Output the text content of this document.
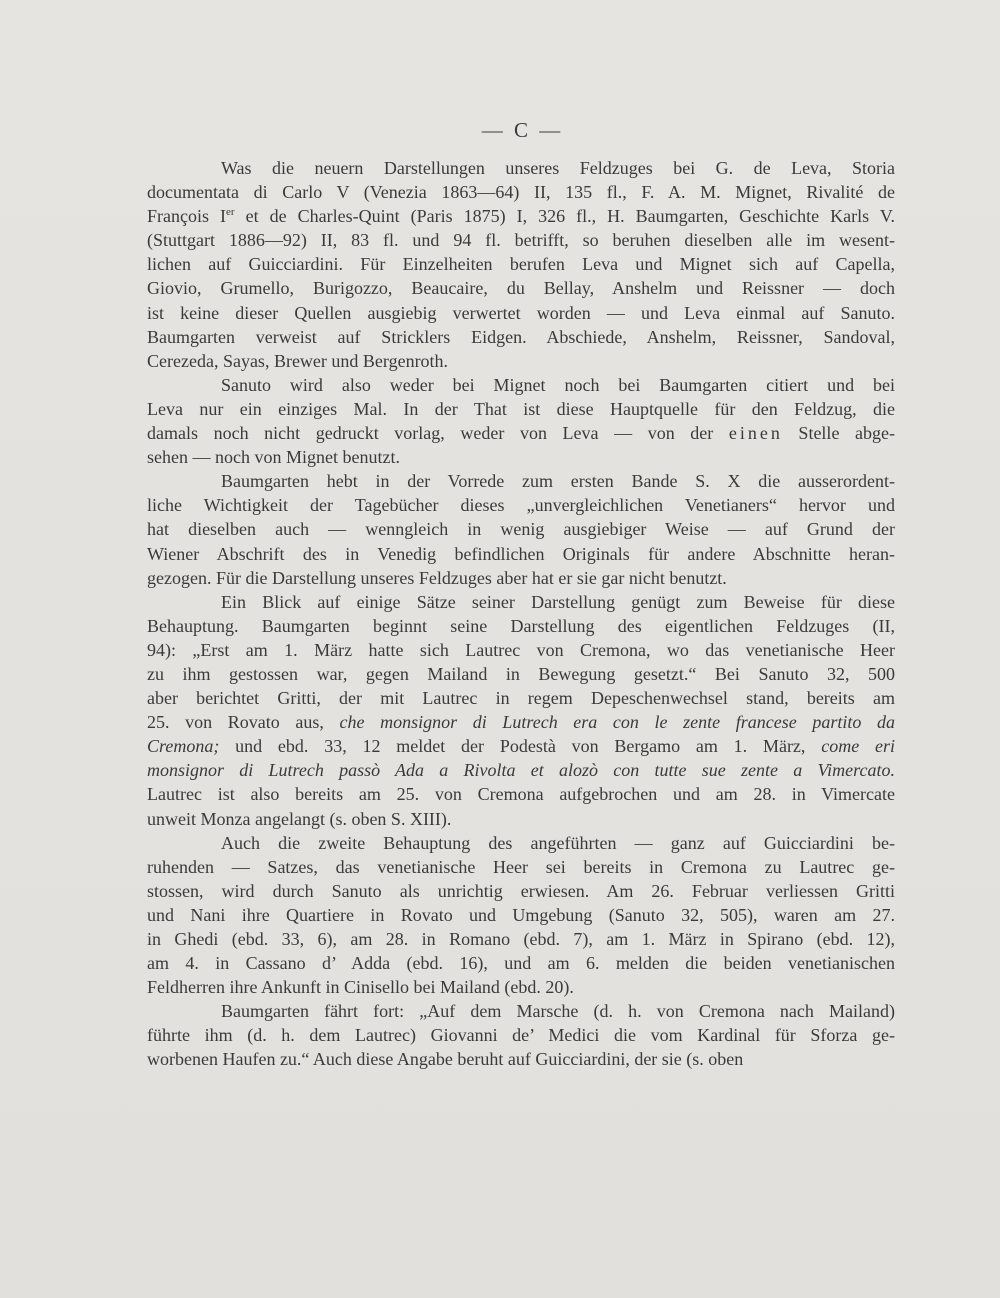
— C —
Was die neuern Darstellungen unseres Feldzuges bei G. de Leva, Storia
documentata di Carlo V (Venezia 1863—64) II, 135 fl., F. A. M. Mignet, Rivalité de
François Ier et de Charles-Quint (Paris 1875) I, 326 fl., H. Baumgarten, Geschichte Karls V.
(Stuttgart 1886—92) II, 83 fl. und 94 fl. betrifft, so beruhen dieselben alle im wesent-
lichen auf Guicciardini. Für Einzelheiten berufen Leva und Mignet sich auf Capella,
Giovio, Grumello, Burigozzo, Beaucaire, du Bellay, Anshelm und Reissner — doch
ist keine dieser Quellen ausgiebig verwertet worden — und Leva einmal auf Sanuto.
Baumgarten verweist auf Stricklers Eidgen. Abschiede, Anshelm, Reissner, Sandoval,
Cerezeda, Sayas, Brewer und Bergenroth.
Sanuto wird also weder bei Mignet noch bei Baumgarten citiert und bei
Leva nur ein einziges Mal. In der That ist diese Hauptquelle für den Feldzug, die
damals noch nicht gedruckt vorlag, weder von Leva — von der einen Stelle abge-
sehen — noch von Mignet benutzt.
Baumgarten hebt in der Vorrede zum ersten Bande S. X die ausserordent-
liche Wichtigkeit der Tagebücher dieses „unvergleichlichen Venetianers“ hervor und
hat dieselben auch — wenngleich in wenig ausgiebiger Weise — auf Grund der
Wiener Abschrift des in Venedig befindlichen Originals für andere Abschnitte heran-
gezogen. Für die Darstellung unseres Feldzuges aber hat er sie gar nicht benutzt.
Ein Blick auf einige Sätze seiner Darstellung genügt zum Beweise für diese
Behauptung. Baumgarten beginnt seine Darstellung des eigentlichen Feldzuges (II,
94): „Erst am 1. März hatte sich Lautrec von Cremona, wo das venetianische Heer
zu ihm gestossen war, gegen Mailand in Bewegung gesetzt.“ Bei Sanuto 32, 500
aber berichtet Gritti, der mit Lautrec in regem Depeschenwechsel stand, bereits am
25. von Rovato aus, che monsignor di Lutrech era con le zente francese partito da
Cremona; und ebd. 33, 12 meldet der Podestà von Bergamo am 1. März, come eri
monsignor di Lutrech passò Ada a Rivolta et alozò con tutte sue zente a Vimercato.
Lautrec ist also bereits am 25. von Cremona aufgebrochen und am 28. in Vimercate
unweit Monza angelangt (s. oben S. XIII).
Auch die zweite Behauptung des angeführten — ganz auf Guicciardini be-
ruhenden — Satzes, das venetianische Heer sei bereits in Cremona zu Lautrec ge-
stossen, wird durch Sanuto als unrichtig erwiesen. Am 26. Februar verliessen Gritti
und Nani ihre Quartiere in Rovato und Umgebung (Sanuto 32, 505), waren am 27.
in Ghedi (ebd. 33, 6), am 28. in Romano (ebd. 7), am 1. März in Spirano (ebd. 12),
am 4. in Cassano d’ Adda (ebd. 16), und am 6. melden die beiden venetianischen
Feldherren ihre Ankunft in Cinisello bei Mailand (ebd. 20).
Baumgarten fährt fort: „Auf dem Marsche (d. h. von Cremona nach Mailand)
führte ihm (d. h. dem Lautrec) Giovanni de’ Medici die vom Kardinal für Sforza ge-
worbenen Haufen zu.“ Auch diese Angabe beruht auf Guicciardini, der sie (s. oben
